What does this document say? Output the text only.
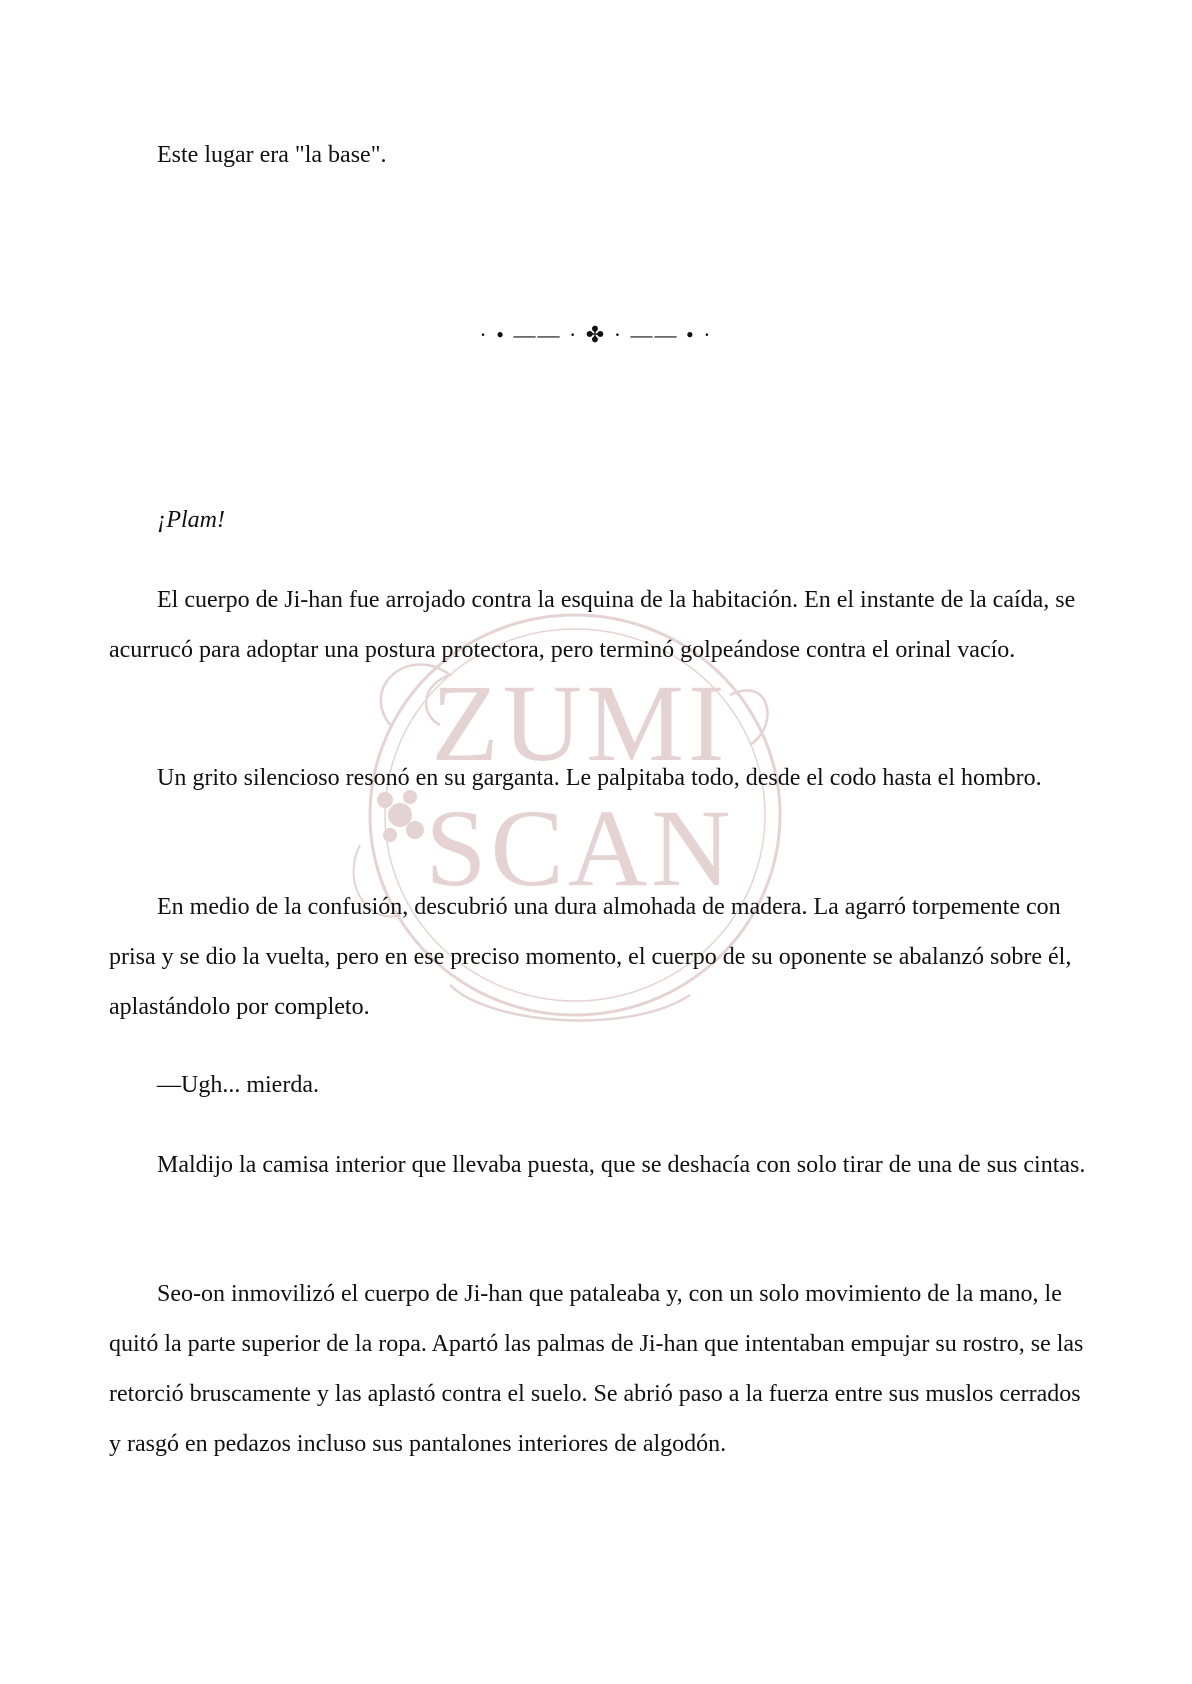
ZUMI
SCAN

Este lugar era "la base".

· • —— · ✤ · —— • ·

¡Plam!

El cuerpo de Ji-han fue arrojado contra la esquina de la habitación. En el instante de la caída, se acurrucó para adoptar una postura protectora, pero terminó golpeándose contra el orinal vacío.

Un grito silencioso resonó en su garganta. Le palpitaba todo, desde el codo hasta el hombro.

En medio de la confusión, descubrió una dura almohada de madera. La agarró torpemente con prisa y se dio la vuelta, pero en ese preciso momento, el cuerpo de su oponente se abalanzó sobre él, aplastándolo por completo.

—Ugh... mierda.

Maldijo la camisa interior que llevaba puesta, que se deshacía con solo tirar de una de sus cintas.

Seo-on inmovilizó el cuerpo de Ji-han que pataleaba y, con un solo movimiento de la mano, le quitó la parte superior de la ropa. Apartó las palmas de Ji-han que intentaban empujar su rostro, se las retorció bruscamente y las aplastó contra el suelo. Se abrió paso a la fuerza entre sus muslos cerrados y rasgó en pedazos incluso sus pantalones interiores de algodón.
